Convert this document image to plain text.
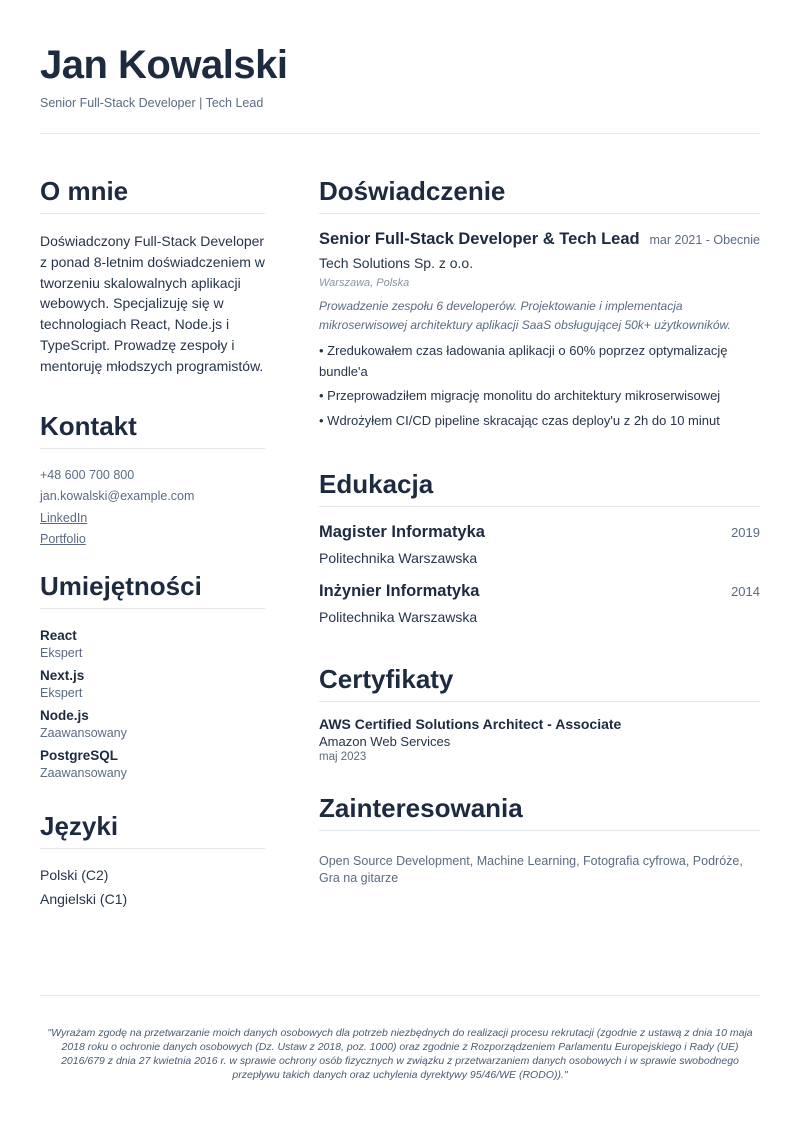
Jan Kowalski

Senior Full-Stack Developer | Tech Lead

O mnie

Doświadczony Full-Stack Developer z ponad 8-letnim doświadczeniem w tworzeniu skalowalnych aplikacji webowych. Specjalizuję się w technologiach React, Node.js i TypeScript. Prowadzę zespoły i mentoruję młodszych programistów.

Kontakt
+48 600 700 800
jan.kowalski@example.com
LinkedIn
Portfolio
Umiejętności
React
Ekspert
Next.js
Ekspert
Node.js
Zaawansowany
PostgreSQL
Zaawansowany
Języki
Polski (C2)
Angielski (C1)
Doświadczenie
Senior Full-Stack Developer & Tech Lead mar 2021 - Obecnie
Tech Solutions Sp. z o.o.
Warszawa, Polska
Prowadzenie zespołu 6 developerów. Projektowanie i implementacja mikroserwisowej architektury aplikacji SaaS obsługującej 50k+ użytkowników.
• Zredukowałem czas ładowania aplikacji o 60% poprzez optymalizację bundle'a
• Przeprowadziłem migrację monolitu do architektury mikroserwisowej
• Wdrożyłem CI/CD pipeline skracając czas deploy'u z 2h do 10 minut
Edukacja
Magister Informatyka	2019
Politechnika Warszawska
Inżynier Informatyka	2014
Politechnika Warszawska
Certyfikaty
AWS Certified Solutions Architect - Associate
Amazon Web Services
maj 2023
Zainteresowania
Open Source Development, Machine Learning, Fotografia cyfrowa, Podróże, Gra na gitarze

"Wyrażam zgodę na przetwarzanie moich danych osobowych dla potrzeb niezbędnych do realizacji procesu rekrutacji (zgodnie z ustawą z dnia 10 maja 2018 roku o ochronie danych osobowych (Dz. Ustaw z 2018, poz. 1000) oraz zgodnie z Rozporządzeniem Parlamentu Europejskiego i Rady (UE) 2016/679 z dnia 27 kwietnia 2016 r. w sprawie ochrony osób fizycznych w związku z przetwarzaniem danych osobowych i w sprawie swobodnego przepływu takich danych oraz uchylenia dyrektywy 95/46/WE (RODO))."
